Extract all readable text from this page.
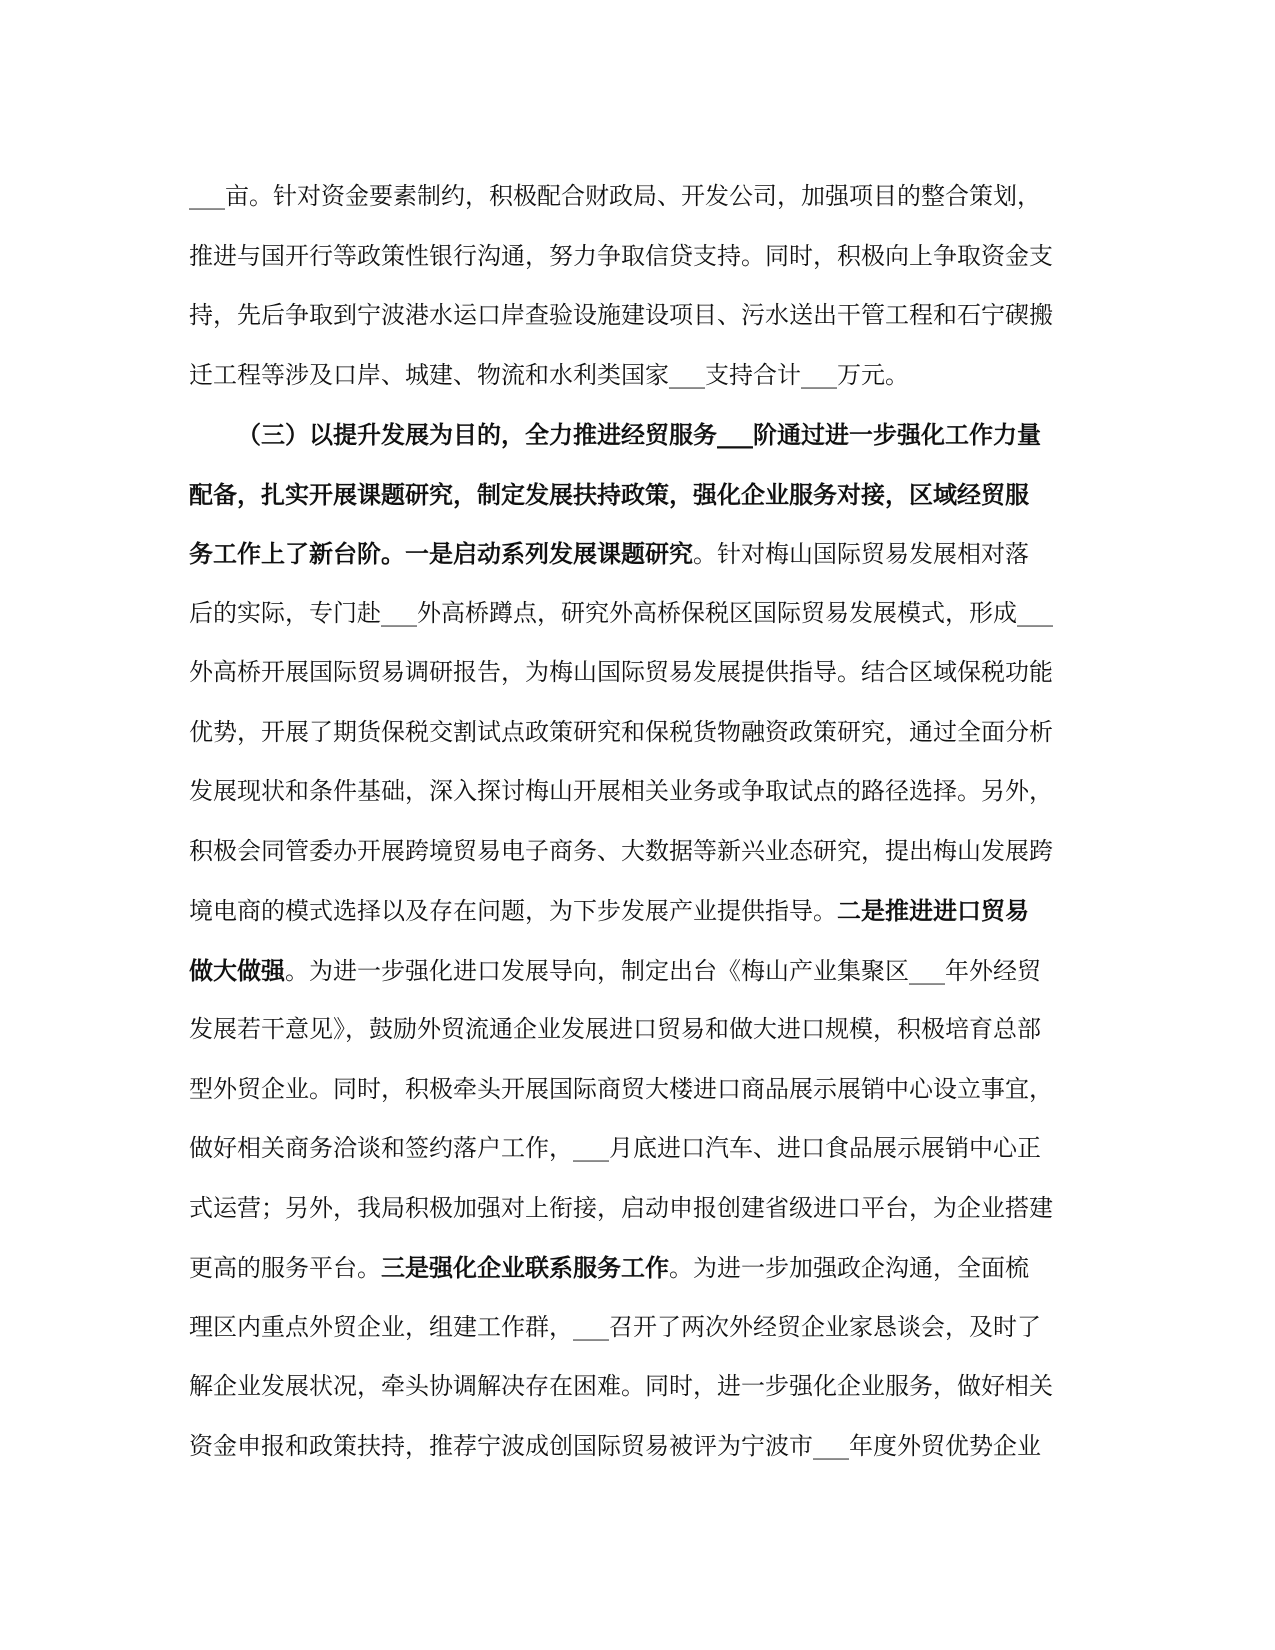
___亩。针对资金要素制约，积极配合财政局、开发公司，加强项目的整合策划，
推进与国开行等政策性银行沟通，努力争取信贷支持。同时，积极向上争取资金支
持，先后争取到宁波港水运口岸查验设施建设项目、污水送出干管工程和石宁碶搬
迁工程等涉及口岸、城建、物流和水利类国家___支持合计___万元。
（三）以提升发展为目的，全力推进经贸服务___阶通过进一步强化工作力量
配备，扎实开展课题研究，制定发展扶持政策，强化企业服务对接，区域经贸服
务工作上了新台阶。一是启动系列发展课题研究。针对梅山国际贸易发展相对落
后的实际，专门赴___外高桥蹲点，研究外高桥保税区国际贸易发展模式，形成___
外高桥开展国际贸易调研报告，为梅山国际贸易发展提供指导。结合区域保税功能
优势，开展了期货保税交割试点政策研究和保税货物融资政策研究，通过全面分析
发展现状和条件基础，深入探讨梅山开展相关业务或争取试点的路径选择。另外，
积极会同管委办开展跨境贸易电子商务、大数据等新兴业态研究，提出梅山发展跨
境电商的模式选择以及存在问题，为下步发展产业提供指导。二是推进进口贸易
做大做强。为进一步强化进口发展导向，制定出台《梅山产业集聚区___年外经贸
发展若干意见》，鼓励外贸流通企业发展进口贸易和做大进口规模，积极培育总部
型外贸企业。同时，积极牵头开展国际商贸大楼进口商品展示展销中心设立事宜，
做好相关商务洽谈和签约落户工作，___月底进口汽车、进口食品展示展销中心正
式运营；另外，我局积极加强对上衔接，启动申报创建省级进口平台，为企业搭建
更高的服务平台。三是强化企业联系服务工作。为进一步加强政企沟通，全面梳
理区内重点外贸企业，组建工作群，___召开了两次外经贸企业家恳谈会，及时了
解企业发展状况，牵头协调解决存在困难。同时，进一步强化企业服务，做好相关
资金申报和政策扶持，推荐宁波成创国际贸易被评为宁波市___年度外贸优势企业
